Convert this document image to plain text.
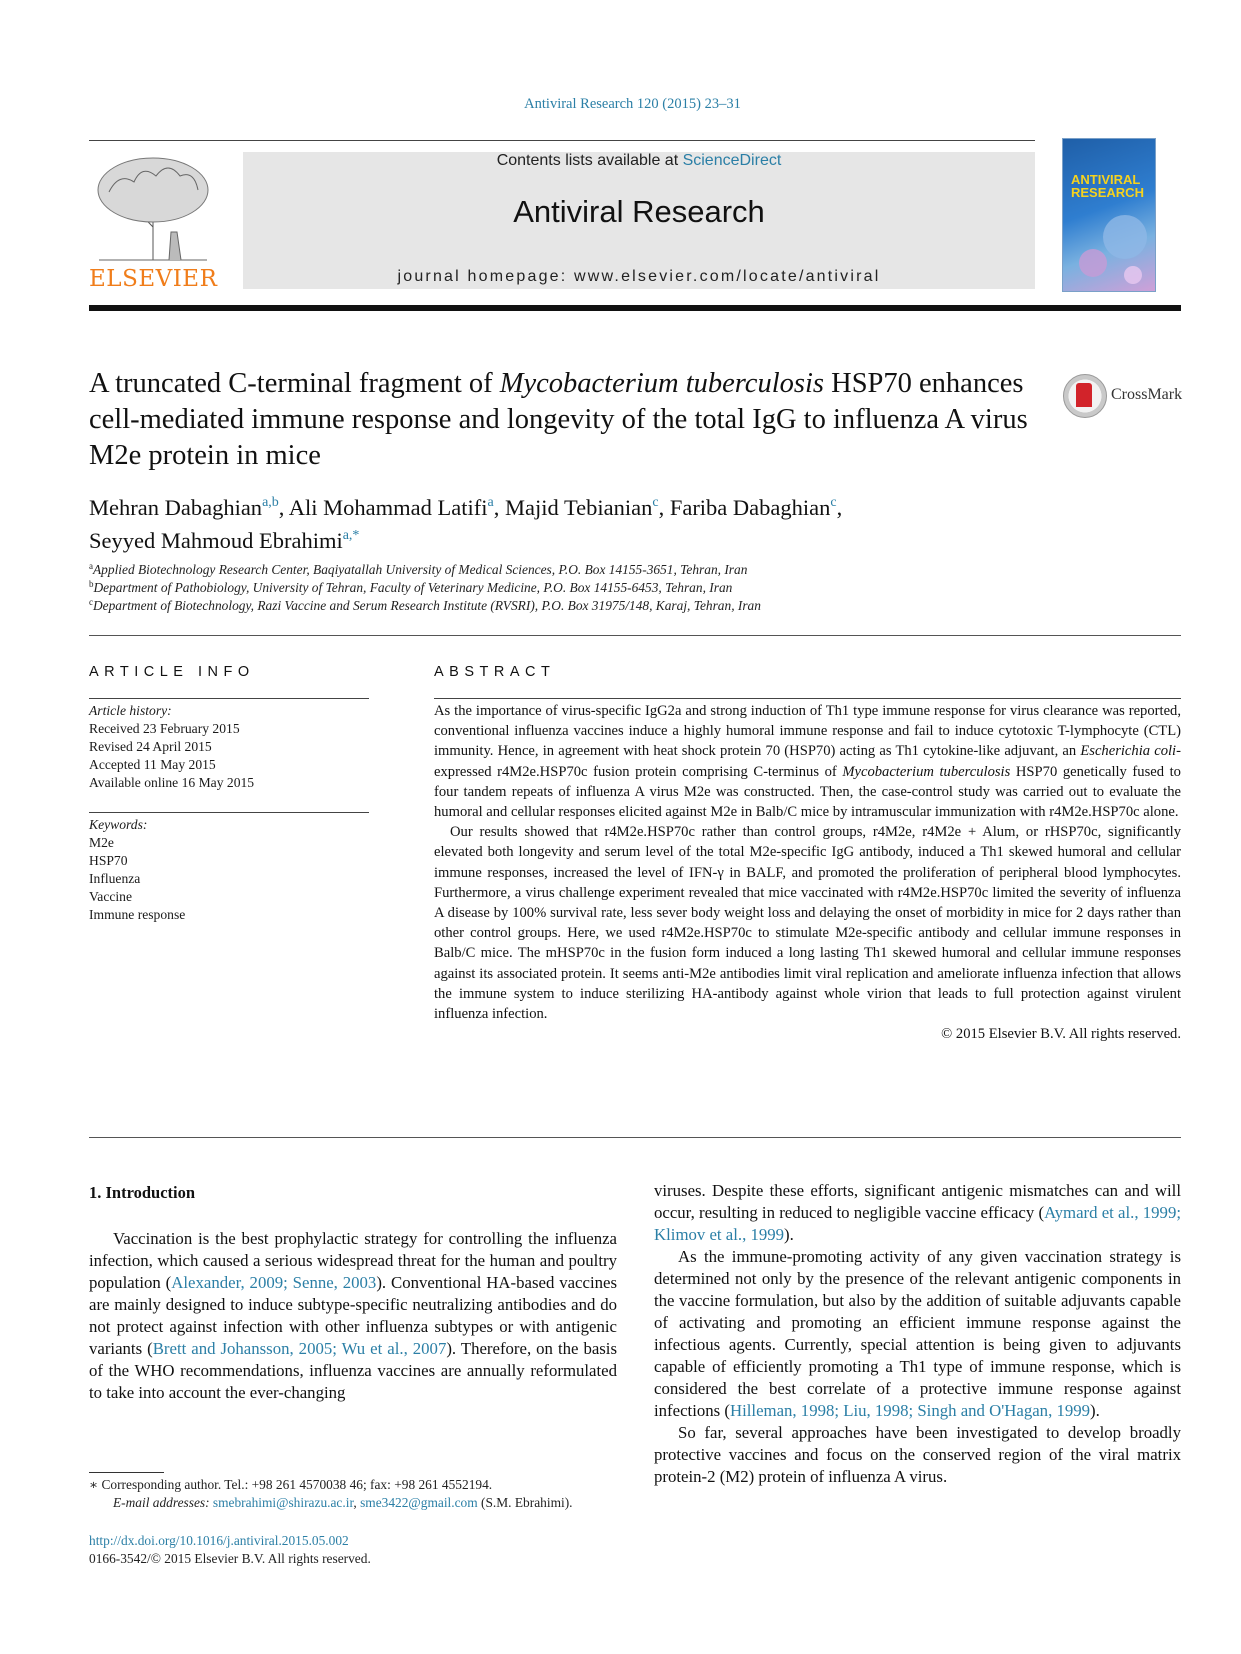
Antiviral Research 120 (2015) 23–31
ELSEVIER
Contents lists available at ScienceDirect
Antiviral Research
journal homepage: www.elsevier.com/locate/antiviral
ANTIVIRAL RESEARCH
A truncated C-terminal fragment of Mycobacterium tuberculosis HSP70 enhances cell-mediated immune response and longevity of the total IgG to influenza A virus M2e protein in mice
CrossMark
Mehran Dabaghian$^{a,b}$, Ali Mohammad Latifi$^a$, Majid Tebianian$^c$, Fariba Dabaghian$^c$,
Seyyed Mahmoud Ebrahimi$^{a,*}$
$^a$Applied Biotechnology Research Center, Baqiyatallah University of Medical Sciences, P.O. Box 14155-3651, Tehran, Iran
$^b$Department of Pathobiology, University of Tehran, Faculty of Veterinary Medicine, P.O. Box 14155-6453, Tehran, Iran
$^c$Department of Biotechnology, Razi Vaccine and Serum Research Institute (RVSRI), P.O. Box 31975/148, Karaj, Tehran, Iran
ARTICLE INFO
Article history:
Received 23 February 2015
Revised 24 April 2015
Accepted 11 May 2015
Available online 16 May 2015
Keywords:
M2e
HSP70
Influenza
Vaccine
Immune response
ABSTRACT

As the importance of virus-specific IgG2a and strong induction of Th1 type immune response for virus clearance was reported, conventional influenza vaccines induce a highly humoral immune response and fail to induce cytotoxic T-lymphocyte (CTL) immunity. Hence, in agreement with heat shock protein 70 (HSP70) acting as Th1 cytokine-like adjuvant, an Escherichia coli-expressed r4M2e.HSP70c fusion protein comprising C-terminus of Mycobacterium tuberculosis HSP70 genetically fused to four tandem repeats of influenza A virus M2e was constructed. Then, the case-control study was carried out to evaluate the humoral and cellular responses elicited against M2e in Balb/C mice by intramuscular immunization with r4M2e.HSP70c alone.

Our results showed that r4M2e.HSP70c rather than control groups, r4M2e, r4M2e + Alum, or rHSP70c, significantly elevated both longevity and serum level of the total M2e-specific IgG antibody, induced a Th1 skewed humoral and cellular immune responses, increased the level of IFN-γ in BALF, and promoted the proliferation of peripheral blood lymphocytes. Furthermore, a virus challenge experiment revealed that mice vaccinated with r4M2e.HSP70c limited the severity of influenza A disease by 100% survival rate, less sever body weight loss and delaying the onset of morbidity in mice for 2 days rather than other control groups. Here, we used r4M2e.HSP70c to stimulate M2e-specific antibody and cellular immune responses in Balb/C mice. The mHSP70c in the fusion form induced a long lasting Th1 skewed humoral and cellular immune responses against its associated protein. It seems anti-M2e antibodies limit viral replication and ameliorate influenza infection that allows the immune system to induce sterilizing HA-antibody against whole virion that leads to full protection against virulent influenza infection.

© 2015 Elsevier B.V. All rights reserved.
1. Introduction

Vaccination is the best prophylactic strategy for controlling the influenza infection, which caused a serious widespread threat for the human and poultry population (Alexander, 2009; Senne, 2003). Conventional HA-based vaccines are mainly designed to induce subtype-specific neutralizing antibodies and do not protect against infection with other influenza subtypes or with antigenic variants (Brett and Johansson, 2005; Wu et al., 2007). Therefore, on the basis of the WHO recommendations, influenza vaccines are annually reformulated to take into account the ever-changing

viruses. Despite these efforts, significant antigenic mismatches can and will occur, resulting in reduced to negligible vaccine efficacy (Aymard et al., 1999; Klimov et al., 1999).

As the immune-promoting activity of any given vaccination strategy is determined not only by the presence of the relevant antigenic components in the vaccine formulation, but also by the addition of suitable adjuvants capable of activating and promoting an efficient immune response against the infectious agents. Currently, special attention is being given to adjuvants capable of efficiently promoting a Th1 type of immune response, which is considered the best correlate of a protective immune response against infections (Hilleman, 1998; Liu, 1998; Singh and O'Hagan, 1999).

So far, several approaches have been investigated to develop broadly protective vaccines and focus on the conserved region of the viral matrix protein-2 (M2) protein of influenza A virus.

∗ Corresponding author. Tel.: +98 261 4570038 46; fax: +98 261 4552194.
E-mail addresses: smebrahimi@shirazu.ac.ir, sme3422@gmail.com (S.M. Ebrahimi).
http://dx.doi.org/10.1016/j.antiviral.2015.05.002
0166-3542/© 2015 Elsevier B.V. All rights reserved.
